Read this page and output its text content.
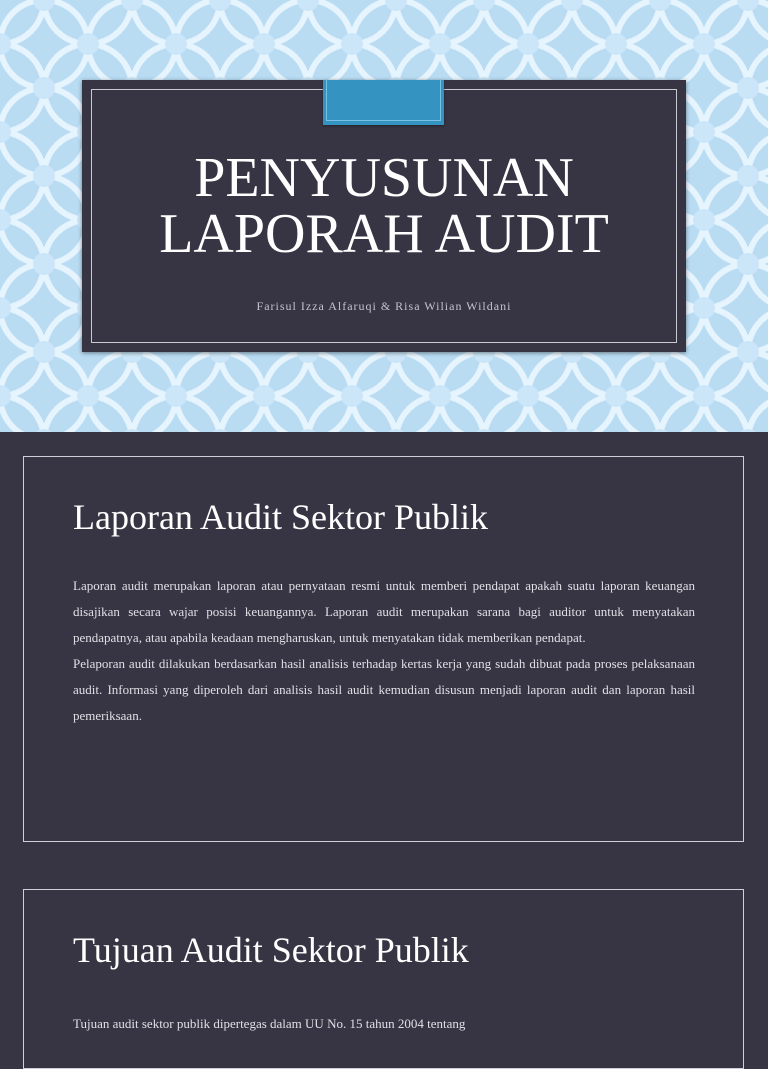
PENYUSUNAN
LAPORAH AUDIT
Farisul Izza Alfaruqi & Risa Wilian Wildani
Laporan Audit Sektor Publik

Laporan audit merupakan laporan atau pernyataan resmi untuk memberi pendapat apakah suatu laporan keuangan disajikan secara wajar posisi keuangannya. Laporan audit merupakan sarana bagi auditor untuk menyatakan pendapatnya, atau apabila keadaan mengharuskan, untuk menyatakan tidak memberikan pendapat.

Pelaporan audit dilakukan berdasarkan hasil analisis terhadap kertas kerja yang sudah dibuat pada proses pelaksanaan audit. Informasi yang diperoleh dari analisis hasil audit kemudian disusun menjadi laporan audit dan laporan hasil pemeriksaan.

Tujuan Audit Sektor Publik

Tujuan audit sektor publik dipertegas dalam UU No. 15 tahun 2004 tentang
